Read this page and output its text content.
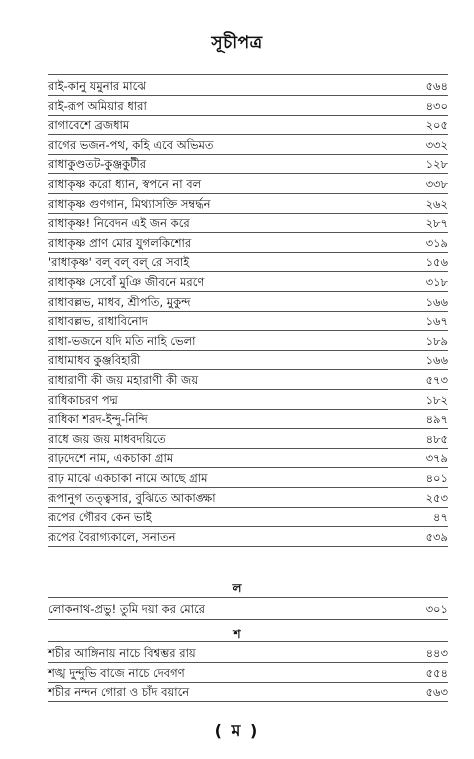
সূচীপত্র
রাই-কানু যমুনার মাঝে	৫৬৪
রাই-রূপ অমিয়ার ধারা	৪৩০
রাগাবেশে ব্রজধাম	২০৫
রাগের ভজন-পথ, কহি এবে অভিমত	৩৩২
রাধাকুণ্ডতট-কুঞ্জকুটীর	১২৮
রাধাকৃষ্ণ করো ধ্যান, স্বপনে না বল	৩৩৮
রাধাকৃষ্ণ গুণগান, মিথ্যাসক্তি সম্বর্দ্ধন	২৬২
রাধাকৃষ্ণ! নিবেদন এই জন করে	২৮৭
রাধাকৃষ্ণ প্রাণ মোর যুগলকিশোর	৩১৯
'রাধাকৃষ্ণ' বল্‌ বল্‌ বল্‌ রে সবাই	১৫৬
রাধাকৃষ্ণ সেবোঁ মুঞি জীবনে মরণে	৩১৮
রাধাবল্লভ, মাধব, শ্রীপতি, মুকুন্দ	১৬৬
রাধাবল্লভ, রাধাবিনোদ	১৬৭
রাধা-ভজনে যদি মতি নাহি ভেলা	১৮৯
রাধামাধব কুঞ্জবিহারী	১৬৬
রাধারাণী কী জয় মহারাণী কী জয়	৫৭৩
রাধিকাচরণ পদ্ম	১৮২
রাধিকা শরদ-ইন্দু-নিন্দি	৪৯৭
রাধে জয় জয় মাধবদয়িতে	৪৮৫
রাঢ়দেশে নাম, একচাকা গ্রাম	৩৭৯
রাঢ় মাঝে একচাকা নামে আছে গ্রাম	৪০১
রূপানুগ তত্ত্বসার, বুঝিতে আকাঙ্ক্ষা	২৫৩
রূপের গৌরব কেন ভাই	৪৭
রূপের বৈরাগ্যকালে, সনাতন	৫৩৯
ল
লোকনাথ-প্রভু! তুমি দয়া কর মোরে	৩০১
শ
শচীর আঙ্গিনায় নাচে বিশ্বম্ভর রায়	৪৪৩
শঙ্খ দুন্দুভি বাজে নাচে দেবগণ	৫৫৪
শচীর নন্দন গোরা ও চাঁদ বয়ানে	৫৬৩
( ম )
